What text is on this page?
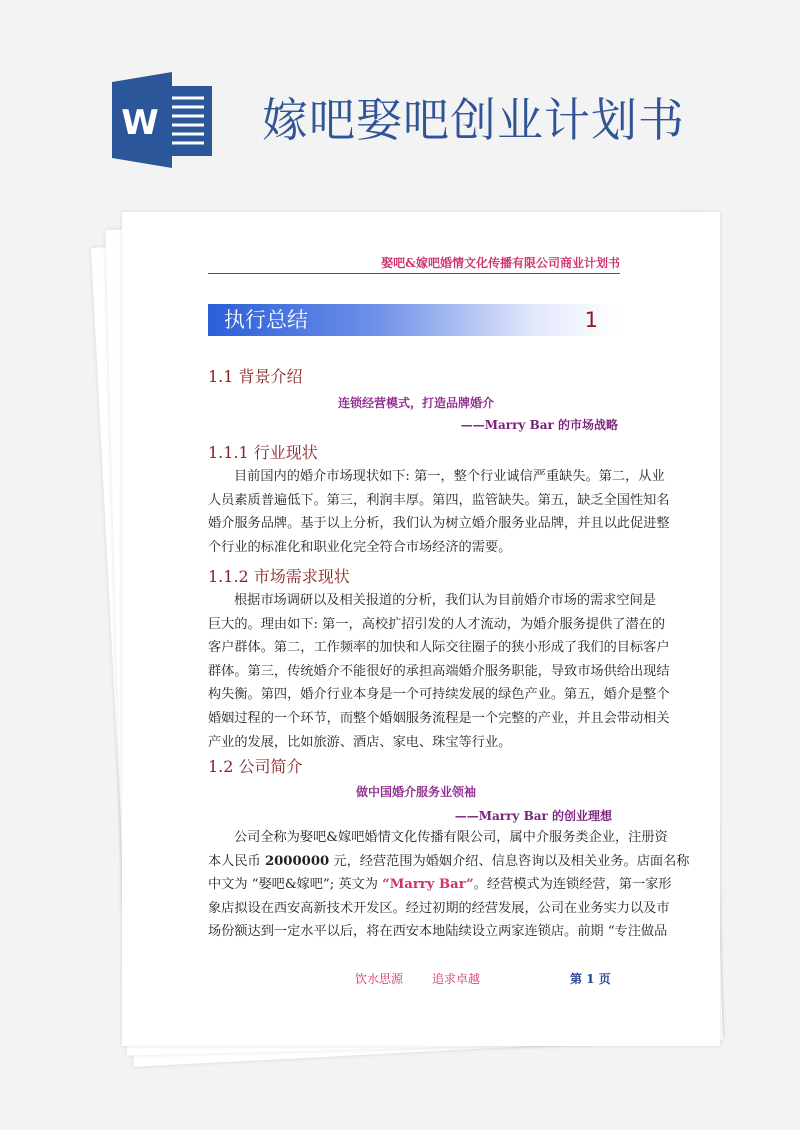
W 嫁吧娶吧创业计划书
娶吧&嫁吧婚情文化传播有限公司商业计划书
执行总结	1
1.1 背景介绍
连锁经营模式，打造品牌婚介
——Marry Bar 的市场战略
1.1.1 行业现状
目前国内的婚介市场现状如下: 第一，整个行业诚信严重缺失。第二，从业
人员素质普遍低下。第三，利润丰厚。第四，监管缺失。第五，缺乏全国性知名
婚介服务品牌。基于以上分析，我们认为树立婚介服务业品牌，并且以此促进整
个行业的标准化和职业化完全符合市场经济的需要。
1.1.2 市场需求现状
根据市场调研以及相关报道的分析，我们认为目前婚介市场的需求空间是
巨大的。理由如下: 第一，高校扩招引发的人才流动，为婚介服务提供了潜在的
客户群体。第二，工作频率的加快和人际交往圈子的狭小形成了我们的目标客户
群体。第三，传统婚介不能很好的承担高端婚介服务职能，导致市场供给出现结
构失衡。第四，婚介行业本身是一个可持续发展的绿色产业。第五，婚介是整个
婚姻过程的一个环节，而整个婚姻服务流程是一个完整的产业，并且会带动相关
产业的发展，比如旅游、酒店、家电、珠宝等行业。
1.2 公司简介
做中国婚介服务业领袖
——Marry Bar 的创业理想
公司全称为娶吧&嫁吧婚情文化传播有限公司，属中介服务类企业，注册资
本人民币 2000000 元，经营范围为婚姻介绍、信息咨询以及相关业务。店面名称
中文为 “娶吧&嫁吧”; 英文为 “Marry Bar”。经营模式为连锁经营，第一家形
象店拟设在西安高新技术开发区。经过初期的经营发展，公司在业务实力以及市
场份额达到一定水平以后，将在西安本地陆续设立两家连锁店。前期 “专注做品
饮水思源 追求卓越	第 1 页
